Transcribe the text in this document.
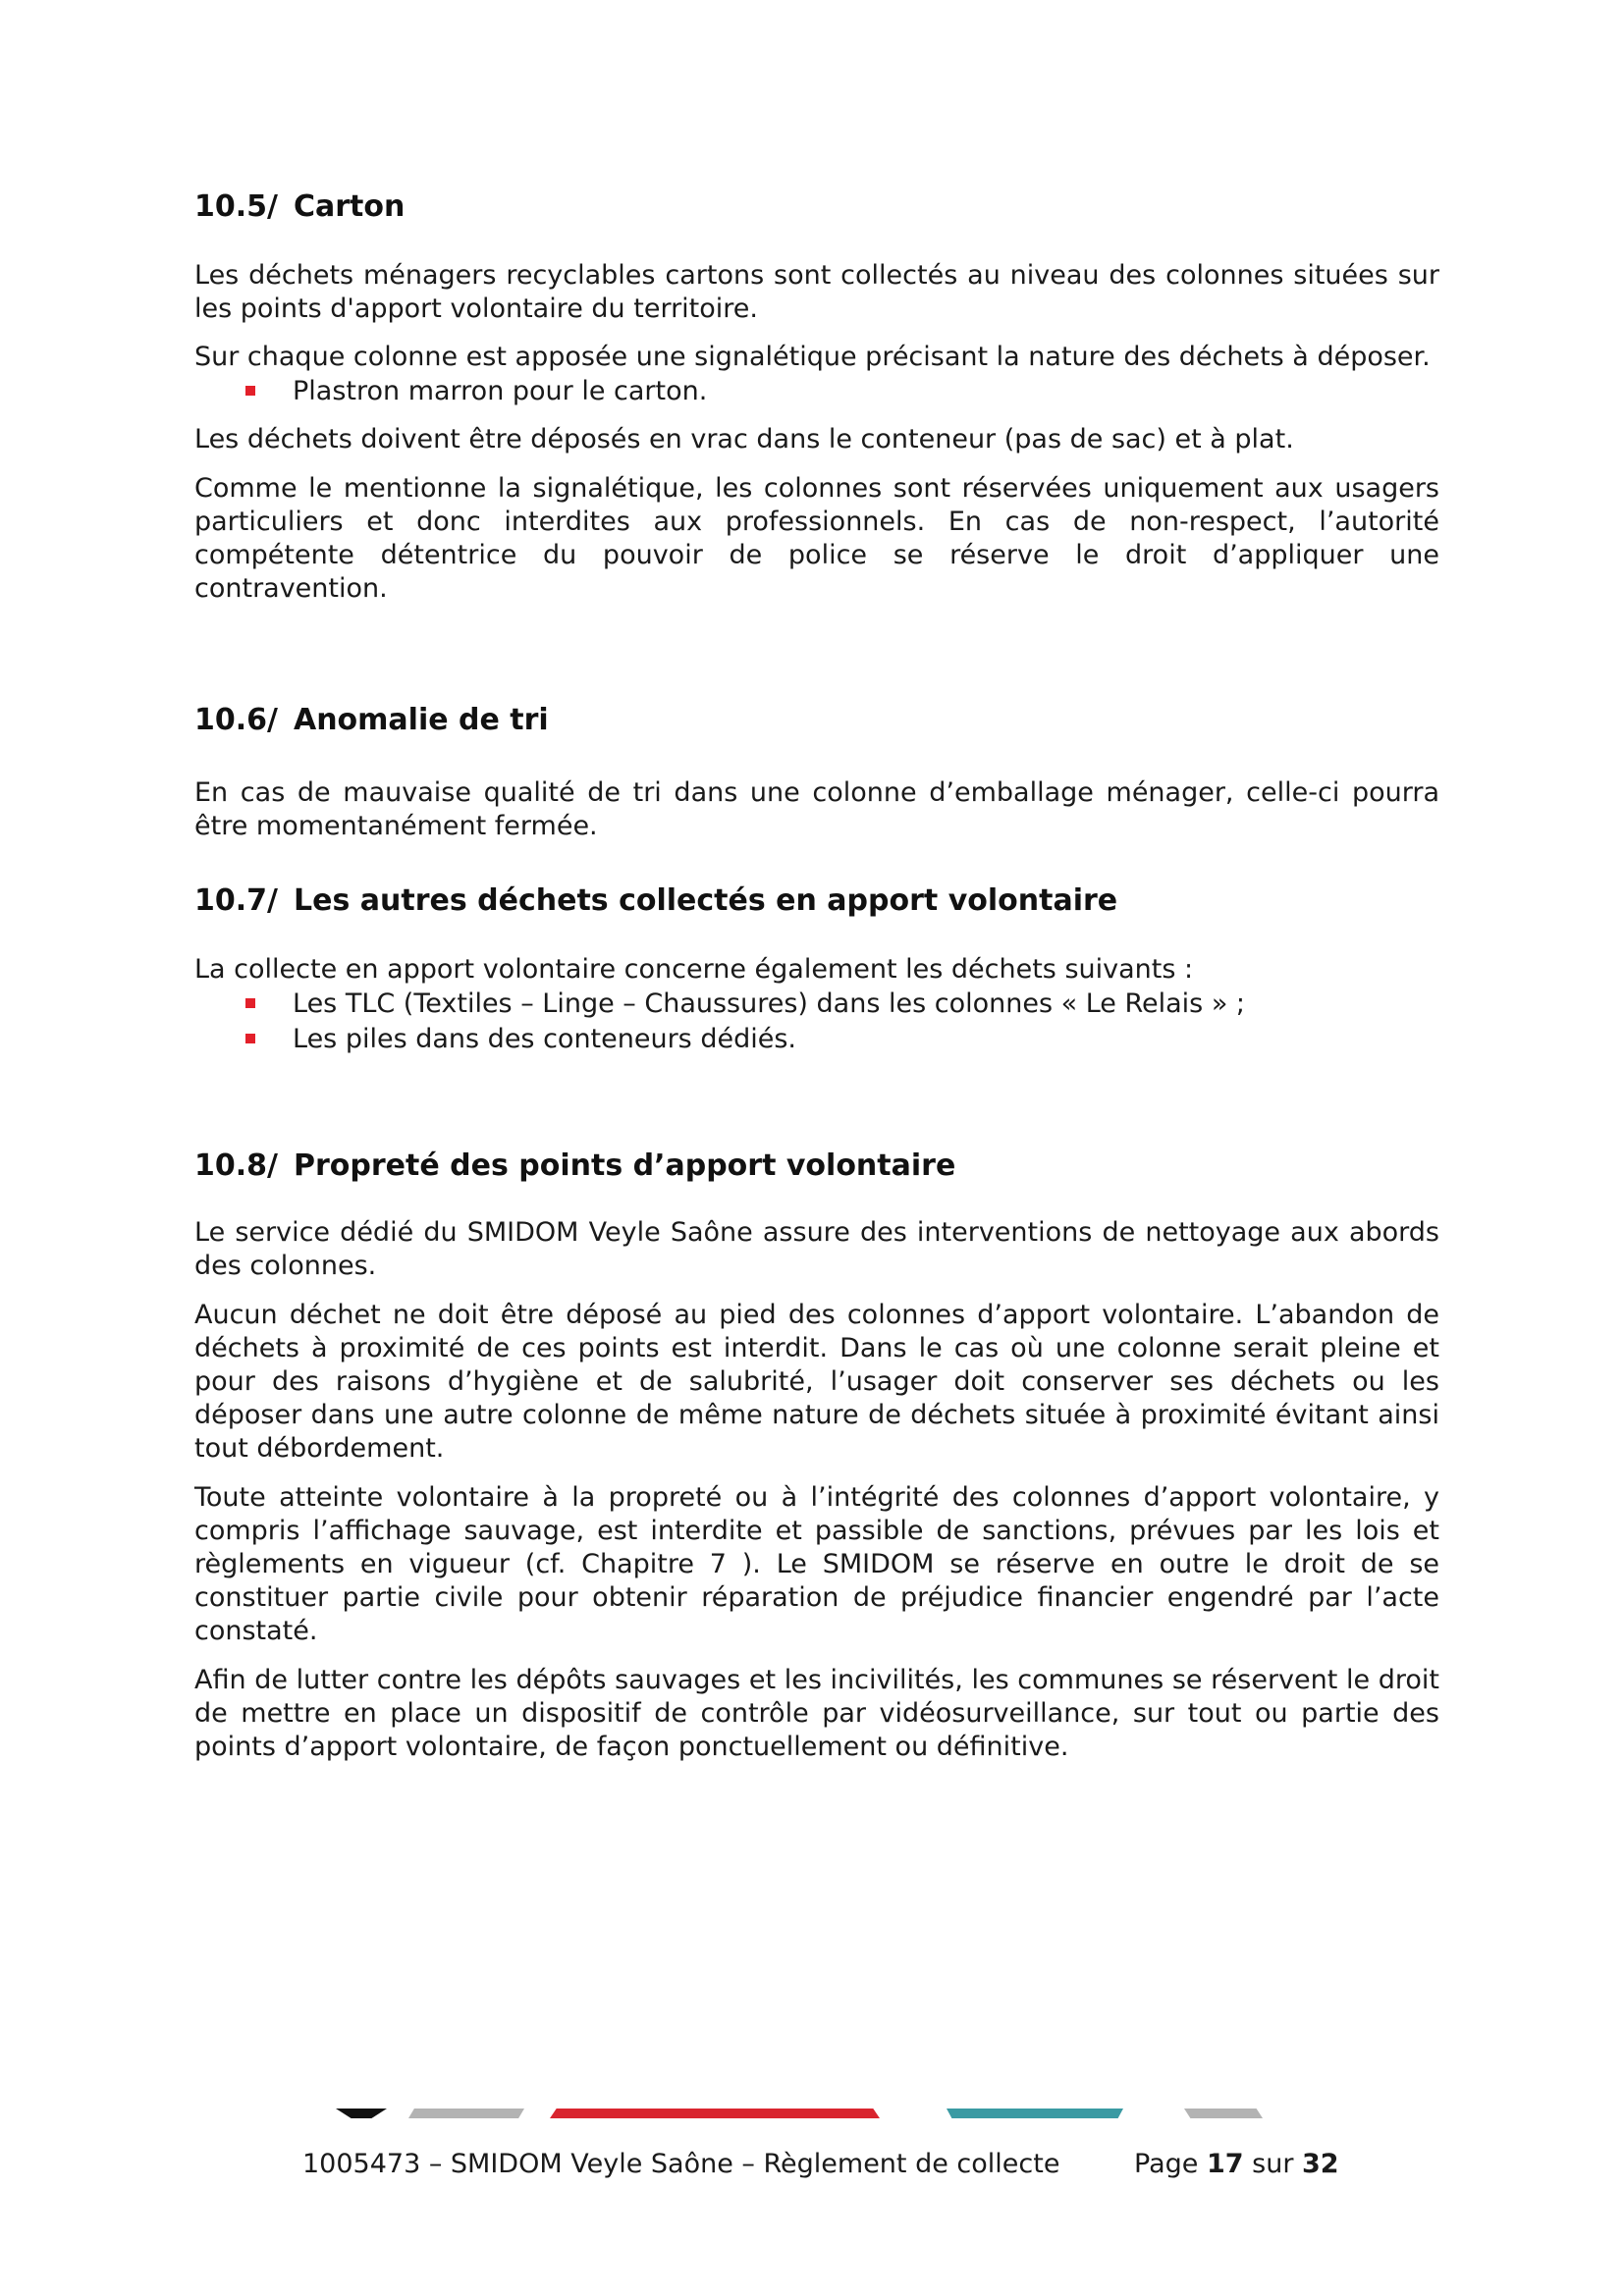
10.5/ Carton

Les déchets ménagers recyclables cartons sont collectés au niveau des colonnes situées sur les points d'apport volontaire du territoire.

Sur chaque colonne est apposée une signalétique précisant la nature des déchets à déposer.

Plastron marron pour le carton.

Les déchets doivent être déposés en vrac dans le conteneur (pas de sac) et à plat.

Comme le mentionne la signalétique, les colonnes sont réservées uniquement aux usagers particuliers et donc interdites aux professionnels. En cas de non-respect, l’autorité compétente détentrice du pouvoir de police se réserve le droit d’appliquer une contravention.

10.6/ Anomalie de tri

En cas de mauvaise qualité de tri dans une colonne d’emballage ménager, celle-ci pourra être momentanément fermée.

10.7/ Les autres déchets collectés en apport volontaire

La collecte en apport volontaire concerne également les déchets suivants :

Les TLC (Textiles – Linge – Chaussures) dans les colonnes « Le Relais » ;
Les piles dans des conteneurs dédiés.
10.8/ Propreté des points d’apport volontaire

Le service dédié du SMIDOM Veyle Saône assure des interventions de nettoyage aux abords des colonnes.

Aucun déchet ne doit être déposé au pied des colonnes d’apport volontaire. L’abandon de déchets à proximité de ces points est interdit. Dans le cas où une colonne serait pleine et pour des raisons d’hygiène et de salubrité, l’usager doit conserver ses déchets ou les déposer dans une autre colonne de même nature de déchets située à proximité évitant ainsi tout débordement.

Toute atteinte volontaire à la propreté ou à l’intégrité des colonnes d’apport volontaire, y compris l’affichage sauvage, est interdite et passible de sanctions, prévues par les lois et règlements en vigueur (cf. Chapitre 7 ). Le SMIDOM se réserve en outre le droit de se constituer partie civile pour obtenir réparation de préjudice financier engendré par l’acte constaté.

Afin de lutter contre les dépôts sauvages et les incivilités, les communes se réservent le droit de mettre en place un dispositif de contrôle par vidéosurveillance, sur tout ou partie des points d’apport volontaire, de façon ponctuellement ou définitive.

1005473 – SMIDOM Veyle Saône – Règlement de collecte	Page 17 sur 32
